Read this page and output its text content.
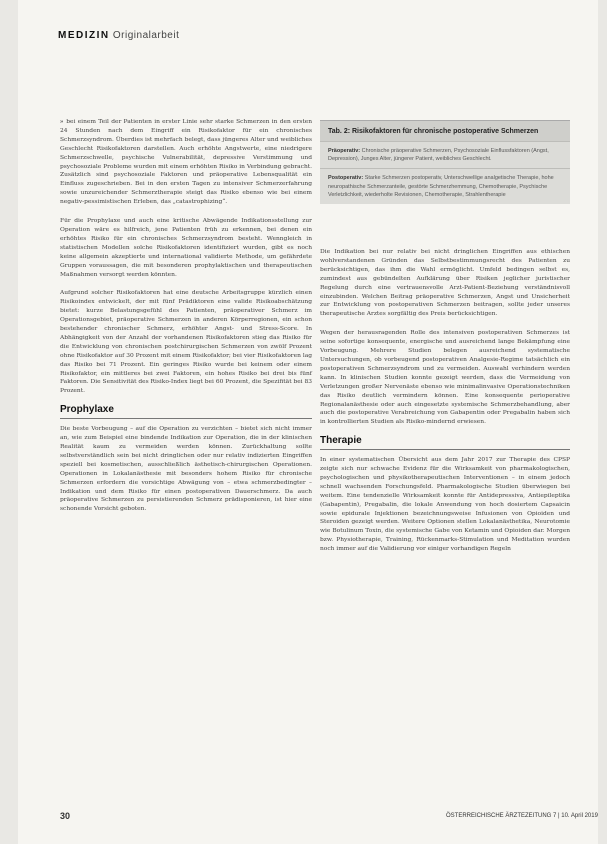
MEDIZIN Originalarbeit

» bei einem Teil der Patienten in erster Linie sehr starke Schmerzen in den ersten 24 Stunden nach dem Eingriff ein Risikofaktor für ein chronisches Schmerzsyndrom. Überdies ist mehrfach belegt, dass jüngeres Alter und weibliches Geschlecht Risikofaktoren darstellen. Auch erhöhte Angstwerte, eine niedrigere Schmerzschwelle, psychische Vulnerabilität, depressive Verstimmung und psychosoziale Probleme wurden mit einem erhöhten Risiko in Verbindung gebracht. Zusätzlich sind psychosoziale Faktoren und präoperative Lebensqualität ein Einfluss zugeschrieben. Bei in den ersten Tagen zu intensiver Schmerzerfahrung sowie unzureichender Schmerztherapie steigt das Risiko ebenso wie bei einem negativ-pessimistischen Erleben, das „catastrophizing“.

Für die Prophylaxe und auch eine kritische Abwägende Indikationsstellung zur Operation wäre es hilfreich, jene Patienten früh zu erkennen, bei denen ein erhöhtes Risiko für ein chronisches Schmerzsyndrom besteht. Wenngleich in statistischen Modellen solche Risikofaktoren identifiziert wurden, gibt es noch keine allgemein akzeptierte und international validierte Methode, um gefährdete Gruppen voraussagen, die mit besonderen prophylaktischen und therapeutischen Maßnahmen versorgt werden könnten.

Aufgrund solcher Risikofaktoren hat eine deutsche Arbeitsgruppe kürzlich einen Risikoindex entwickelt, der mit fünf Prädiktoren eine valide Risikoabschätzung bietet: kurze Belastungsgefühl des Patienten, präoperativer Schmerz im Operationsgebiet, präoperative Schmerzen in anderen Körperregionen, ein schon bestehender chronischer Schmerz, erhöhter Angst- und Stress-Score. In Abhängigkeit von der Anzahl der vorhandenen Risikofaktoren stieg das Risiko für die Entwicklung von chronischen postchirurgischen Schmerzen von zwölf Prozent ohne Risikofaktor auf 30 Prozent mit einem Risikofaktor; bei vier Risikofaktoren lag das Risiko bei 71 Prozent. Ein geringes Risiko wurde bei keinem oder einem Risikofaktor, ein mittleres bei zwei Faktoren, ein hohes Risiko bei drei bis fünf Faktoren. Die Sensitivität des Risiko-Index liegt bei 60 Prozent, die Spezifität bei 83 Prozent.

Prophylaxe

Die beste Vorbeugung – auf die Operation zu verzichten – bietet sich nicht immer an, wie zum Beispiel eine bindende Indikation zur Operation, die in der klinischen Realität kaum zu vermeiden werden können. Zurückhaltung sollte selbstverständlich sein bei nicht dringlichen oder nur relativ indizierten Eingriffen speziell bei kosmetischen, ausschließlich ästhetisch-chirurgischen Operationen. Operationen in Lokalanästhesie mit besonders hohem Risiko für chronische Schmerzen erfordern die vorsichtige Abwägung von – etwa schmerzbedingter – Indikation und dem Risiko für einen postoperativen Dauerschmerz. Da auch präoperative Schmerzen zu persistierenden Schmerz prädisponieren, ist hier eine schonende Vorsicht geboten.

Tab. 2: Risikofaktoren für chronische postoperative Schmerzen
Präoperativ: Chronische präoperative Schmerzen, Psychosoziale Einflussfaktoren (Angst, Depression), Junges Alter, jüngerer Patient, weibliches Geschlecht.
Postoperativ: Starke Schmerzen postoperativ, Unterschwellige analgetische Therapie, hohe neuropathische Schmerzanteile, gestörte Schmerzhemmung, Chemotherapie, Psychische Verletzlichkeit, wiederholte Revisionen, Chemotherapie, Strahlentherapie

Die Indikation bei nur relativ bei nicht dringlichen Eingriffen aus ethischen wohlverstandenen Gründen das Selbstbestimmungsrecht des Patienten zu berücksichtigen, das ihm die Wahl ermöglicht. Umfeld bedingen selbst es, zumindest aus gebündelten Aufklärung über Risiken jeglicher juristischer Regelung durch eine vertrauensvolle Arzt-Patient-Beziehung verständnisvoll einzubinden. Welchen Beitrag präoperative Schmerzen, Angst und Unsicherheit zur Entwicklung von postoperativen Schmerzen beitragen, sollte jeder unseres therapeutische Arztes sorgfältig des Preis berücksichtigen.

Wegen der herausragenden Rolle des intensiven postoperativen Schmerzes ist seine sofortige konsequente, energische und ausreichend lange Bekämpfung eine Vorbeugung. Mehrere Studien belegen ausreichend systematische Untersuchungen, ob vorbeugend postoperativen Analgesie-Regime tatsächlich ein postoperativen Schmerzsyndrom und zu vermeiden. Auswahl verhindern werden kann. In klinischen Studien konnte gezeigt werden, dass die Vermeidung von Verletzungen großer Nervenäste ebenso wie minimalinvasive Operationstechniken das Risiko deutlich vermindern können. Eine konsequente perioperative Regionalanästhesie oder auch eingesetzte systemische Schmerzbehandlung, aber auch die postoperative Verabreichung von Gabapentin oder Pregabalin haben sich in kontrollierten Studien als Risiko-mindernd erwiesen.

Therapie

In einer systematischen Übersicht aus dem Jahr 2017 zur Therapie des CPSP zeigte sich nur schwache Evidenz für die Wirksamkeit von pharmakologischen, psychologischen und physikotherapeutischen Interventionen – in einem jedoch schnell wachsenden Forschungsfeld. Pharmakologische Studien überwiegen bei weitem. Eine tendenzielle Wirksamkeit konnte für Antidepressiva, Antiepileptika (Gabapentin), Pregabalin, die lokale Anwendung von hoch dosiertem Capsaicin sowie epidurale Injektionen bezeichnungsweise Infusionen von Opioiden und Steroiden gezeigt werden. Weitere Optionen stellen Lokalanästhetika, Neurotomie wie Botulinum Toxin, die systemische Gabe von Ketamin und Opioiden dar. Morgen bzw. Physiotherapie, Training, Rückenmarks-Stimulation und Meditation wurden noch immer auf die Validierung vor einiger vorhandigen Regeln

30	ÖSTERREICHISCHE ÄRZTEZEITUNG 7 | 10. April 2019
